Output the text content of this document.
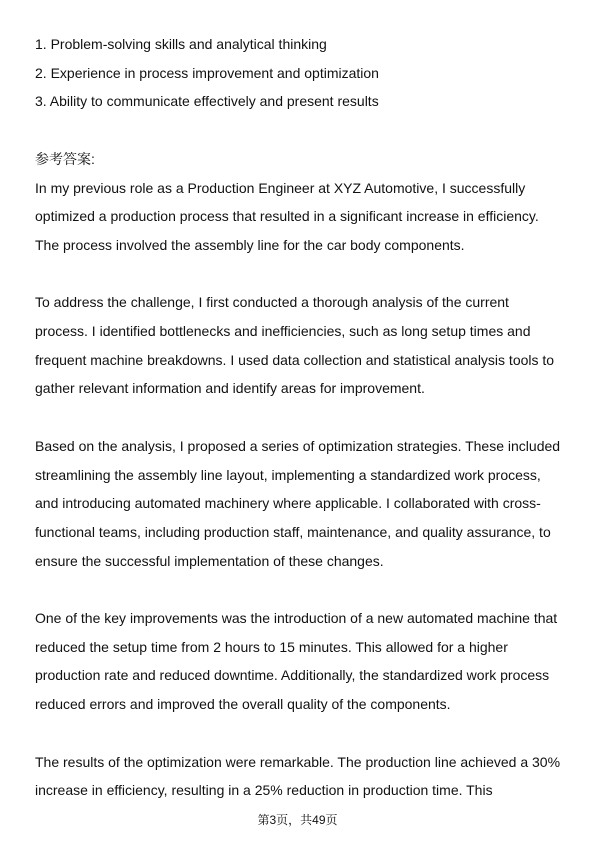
1. Problem-solving skills and analytical thinking

2. Experience in process improvement and optimization

3. Ability to communicate effectively and present results

参考答案:

In my previous role as a Production Engineer at XYZ Automotive, I successfully optimized a production process that resulted in a significant increase in efficiency. The process involved the assembly line for the car body components.

To address the challenge, I first conducted a thorough analysis of the current process. I identified bottlenecks and inefficiencies, such as long setup times and frequent machine breakdowns. I used data collection and statistical analysis tools to gather relevant information and identify areas for improvement.

Based on the analysis, I proposed a series of optimization strategies. These included streamlining the assembly line layout, implementing a standardized work process, and introducing automated machinery where applicable. I collaborated with cross-functional teams, including production staff, maintenance, and quality assurance, to ensure the successful implementation of these changes.

One of the key improvements was the introduction of a new automated machine that reduced the setup time from 2 hours to 15 minutes. This allowed for a higher production rate and reduced downtime. Additionally, the standardized work process reduced errors and improved the overall quality of the components.

The results of the optimization were remarkable. The production line achieved a 30% increase in efficiency, resulting in a 25% reduction in production time. This

第3页，共49页
